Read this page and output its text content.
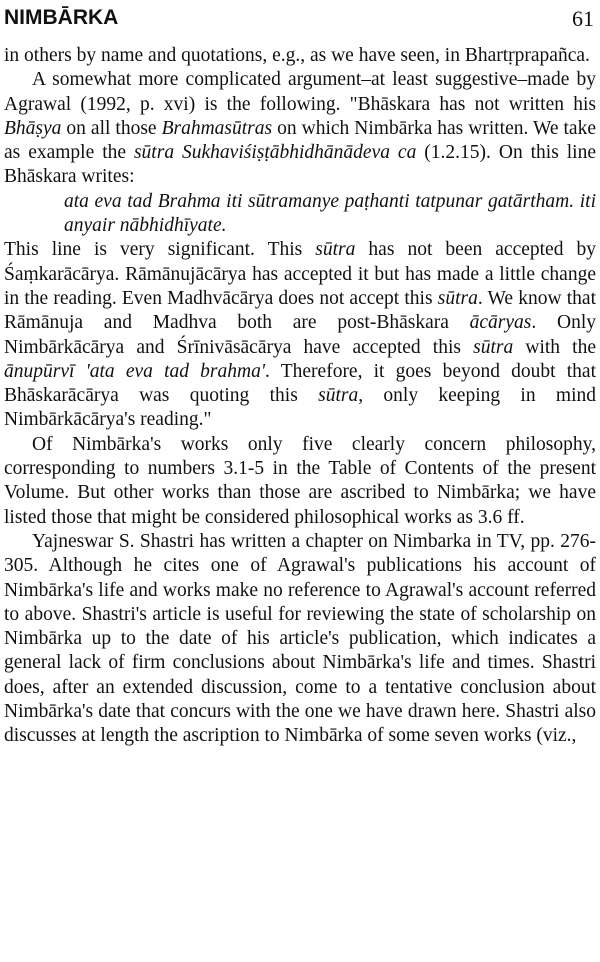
NIMBĀRKA	61

in others by name and quotations, e.g., as we have seen, in Bhartṛprapañca.

A somewhat more complicated argument–at least suggestive–made by Agrawal (1992, p. xvi) is the following. "Bhāskara has not written his Bhāṣya on all those Brahmasūtras on which Nimbārka has written. We take as example the sūtra Sukhaviśiṣṭābhidhānādeva ca (1.2.15). On this line Bhāskara writes:

ata eva tad Brahma iti sūtramanye paṭhanti tatpunar gatārtham. iti anyair nābhidhīyate.

This line is very significant. This sūtra has not been accepted by Śaṃkarācārya. Rāmānujācārya has accepted it but has made a little change in the reading. Even Madhvācārya does not accept this sūtra. We know that Rāmānuja and Madhva both are post-Bhāskara ācāryas. Only Nimbārkācārya and Śrīnivāsācārya have accepted this sūtra with the ānupūrvī 'ata eva tad brahma'. Therefore, it goes beyond doubt that Bhāskarācārya was quoting this sūtra, only keeping in mind Nimbārkācārya's reading."

Of Nimbārka's works only five clearly concern philosophy, corresponding to numbers 3.1-5 in the Table of Contents of the present Volume. But other works than those are ascribed to Nimbārka; we have listed those that might be considered philosophical works as 3.6 ff.

Yajneswar S. Shastri has written a chapter on Nimbarka in TV, pp. 276-305. Although he cites one of Agrawal's publications his account of Nimbārka's life and works make no reference to Agrawal's account referred to above. Shastri's article is useful for reviewing the state of scholarship on Nimbārka up to the date of his article's publication, which indicates a general lack of firm conclusions about Nimbārka's life and times. Shastri does, after an extended discussion, come to a tentative conclusion about Nimbārka's date that concurs with the one we have drawn here. Shastri also discusses at length the ascription to Nimbārka of some seven works (viz.,
